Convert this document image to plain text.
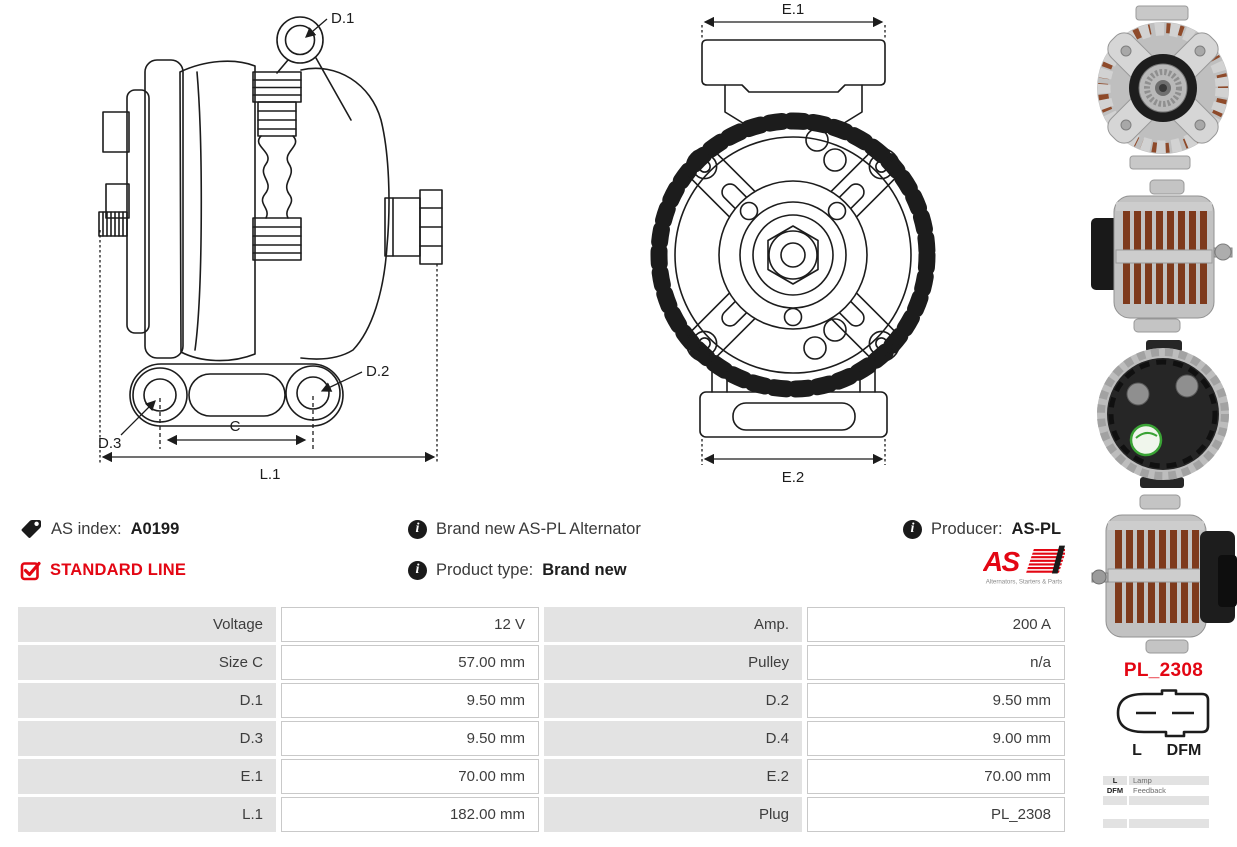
D.1
D.2
D.3
C
L.1
E.1
E.2
AS index: A0199
STANDARD LINE
i Brand new AS-PL Alternator
i Product type: Brand new
i Producer: AS-PL
AS
Alternators, Starters & Parts
Voltage	12 V	Amp.	200 A
Size C	57.00 mm	Pulley	n/a
D.1	9.50 mm	D.2	9.50 mm
D.3	9.50 mm	D.4	9.00 mm
E.1	70.00 mm	E.2	70.00 mm
L.1	182.00 mm	Plug	PL_2308
PL_2308
L	DFM
L	Lamp
DFM	Feedback
